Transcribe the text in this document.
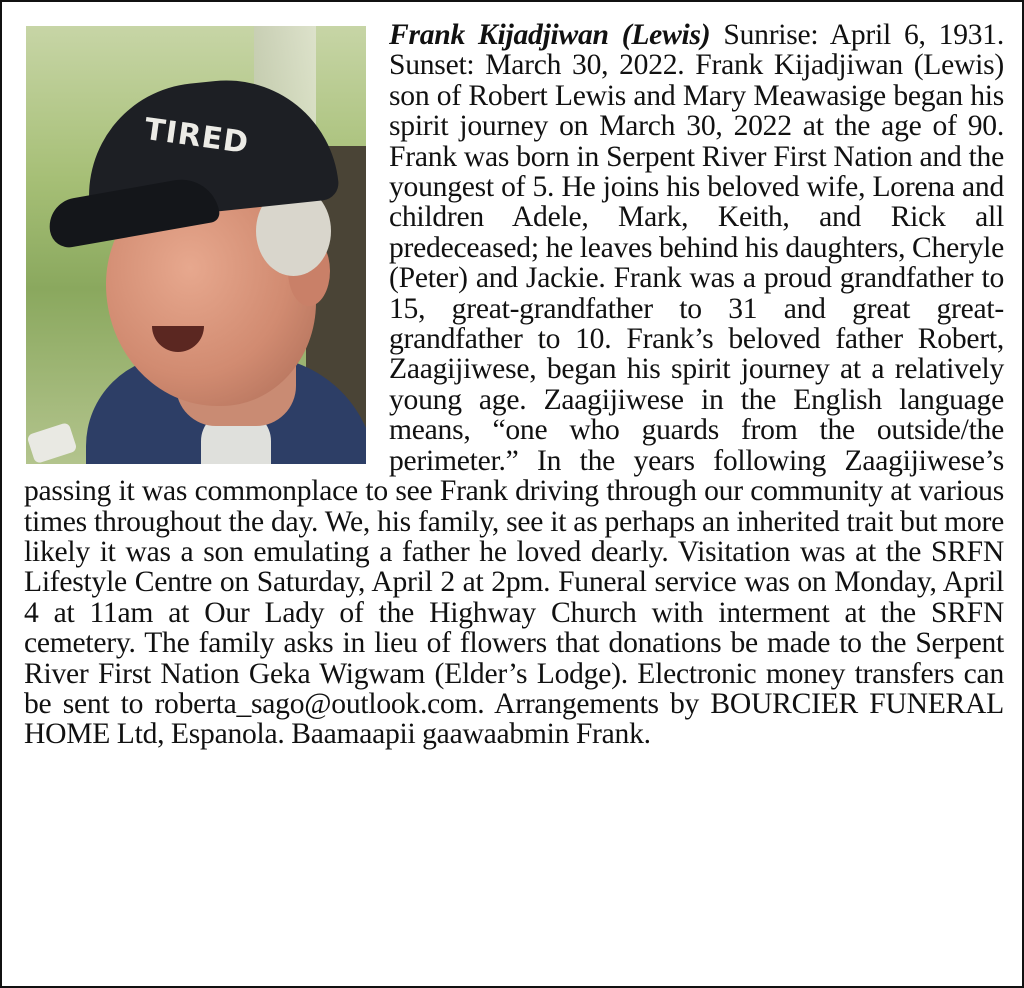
TIRED
Frank Kijadjiwan (Lewis) Sunrise: April 6, 1931. Sunset: March 30, 2022. Frank Kijadjiwan (Lewis) son of Robert Lewis and Mary Meawasige began his spirit journey on March 30, 2022 at the age of 90. Frank was born in Serpent River First Nation and the youngest of 5. He joins his beloved wife, Lorena and children Adele, Mark, Keith, and Rick all predeceased; he leaves behind his daughters, Cheryle (Peter) and Jackie. Frank was a proud grandfather to 15, great-grandfather to 31 and great great-grandfather to 10. Frank’s beloved father Robert, Zaagijiwese, began his spirit journey at a relatively young age. Zaagijiwese in the English language means, “one who guards from the outside/the perimeter.” In the years following Zaagijiwese’s passing it was commonplace to see Frank driving through our community at various times throughout the day. We, his family, see it as perhaps an inherited trait but more likely it was a son emulating a father he loved dearly. Visitation was at the SRFN Lifestyle Centre on Saturday, April 2 at 2pm. Funeral service was on Monday, April 4 at 11am at Our Lady of the Highway Church with interment at the SRFN cemetery. The family asks in lieu of flowers that donations be made to the Serpent River First Nation Geka Wigwam (Elder’s Lodge). Electronic money transfers can be sent to roberta_sago@outlook.com. Arrangements by BOURCIER FUNERAL HOME Ltd, Espanola. Baamaapii gaawaabmin Frank.
